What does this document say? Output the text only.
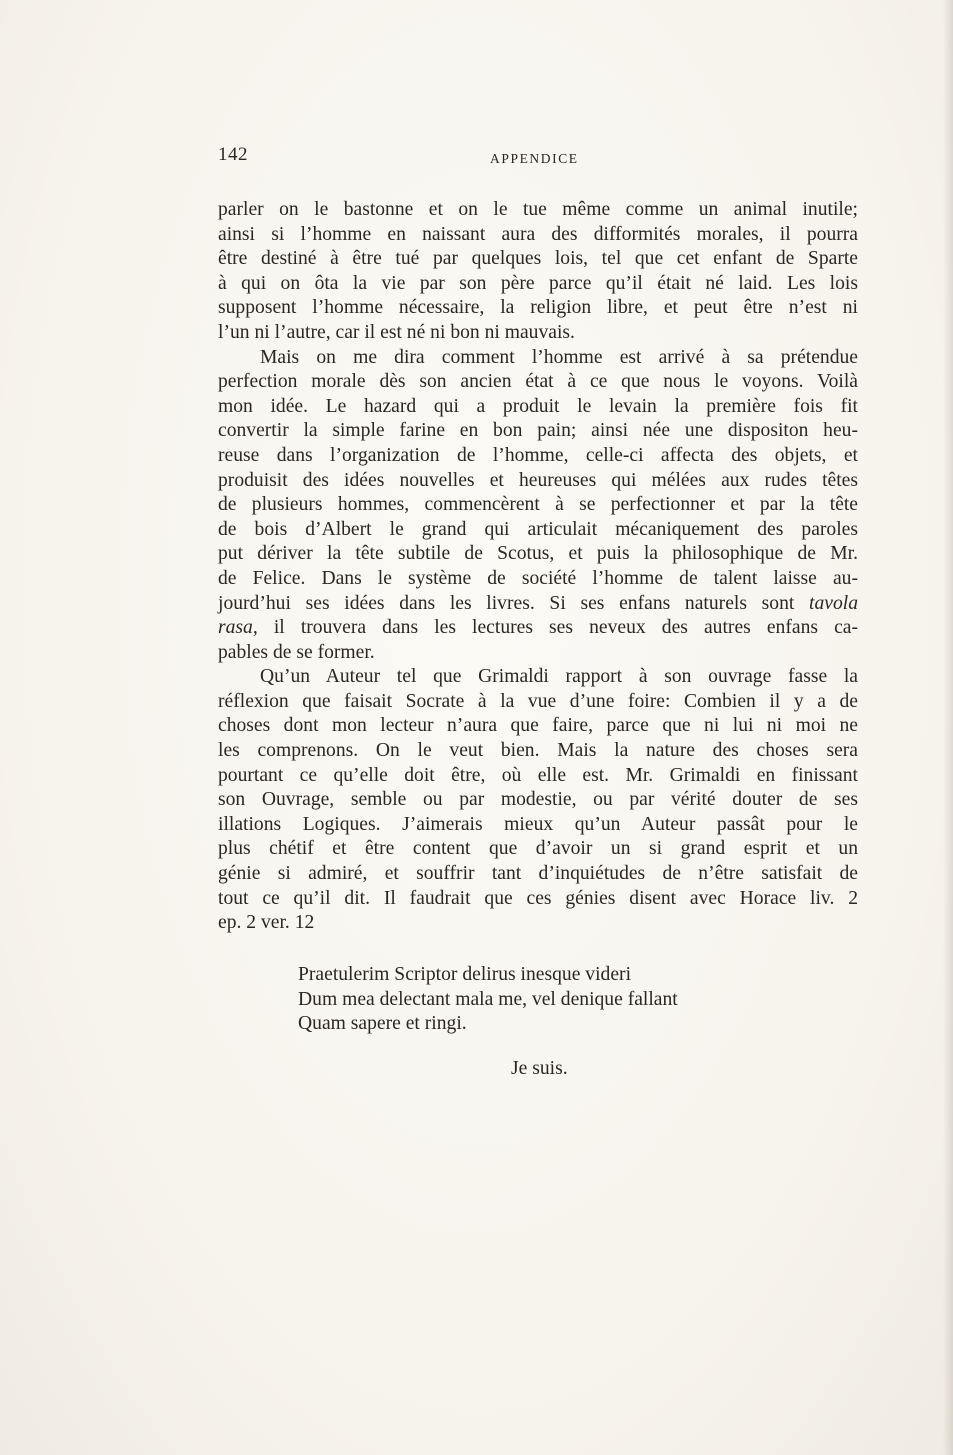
142	APPENDICE

parler on le bastonne et on le tue même comme un animal inutile;
ainsi si l’homme en naissant aura des difformités morales, il pourra
être destiné à être tué par quelques lois, tel que cet enfant de Sparte
à qui on ôta la vie par son père parce qu’il était né laid. Les lois
supposent l’homme nécessaire, la religion libre, et peut être n’est ni
l’un ni l’autre, car il est né ni bon ni mauvais.

Mais on me dira comment l’homme est arrivé à sa prétendue
perfection morale dès son ancien état à ce que nous le voyons. Voilà
mon idée. Le hazard qui a produit le levain la première fois fit
convertir la simple farine en bon pain; ainsi née une dispositon heu-
reuse dans l’organization de l’homme, celle-ci affecta des objets, et
produisit des idées nouvelles et heureuses qui mélées aux rudes têtes
de plusieurs hommes, commencèrent à se perfectionner et par la tête
de bois d’Albert le grand qui articulait mécaniquement des paroles
put dériver la tête subtile de Scotus, et puis la philosophique de Mr.
de Felice. Dans le système de société l’homme de talent laisse au-
jourd’hui ses idées dans les livres. Si ses enfans naturels sont tavola
rasa, il trouvera dans les lectures ses neveux des autres enfans ca-
pables de se former.

Qu’un Auteur tel que Grimaldi rapport à son ouvrage fasse la
réflexion que faisait Socrate à la vue d’une foire: Combien il y a de
choses dont mon lecteur n’aura que faire, parce que ni lui ni moi ne
les comprenons. On le veut bien. Mais la nature des choses sera
pourtant ce qu’elle doit être, où elle est. Mr. Grimaldi en finissant
son Ouvrage, semble ou par modestie, ou par vérité douter de ses
illations Logiques. J’aimerais mieux qu’un Auteur passât pour le
plus chétif et être content que d’avoir un si grand esprit et un
génie si admiré, et souffrir tant d’inquiétudes de n’être satisfait de
tout ce qu’il dit. Il faudrait que ces génies disent avec Horace liv. 2
ep. 2 ver. 12

Praetulerim Scriptor delirus inesque videri
Dum mea delectant mala me, vel denique fallant
Quam sapere et ringi.
Je suis.
